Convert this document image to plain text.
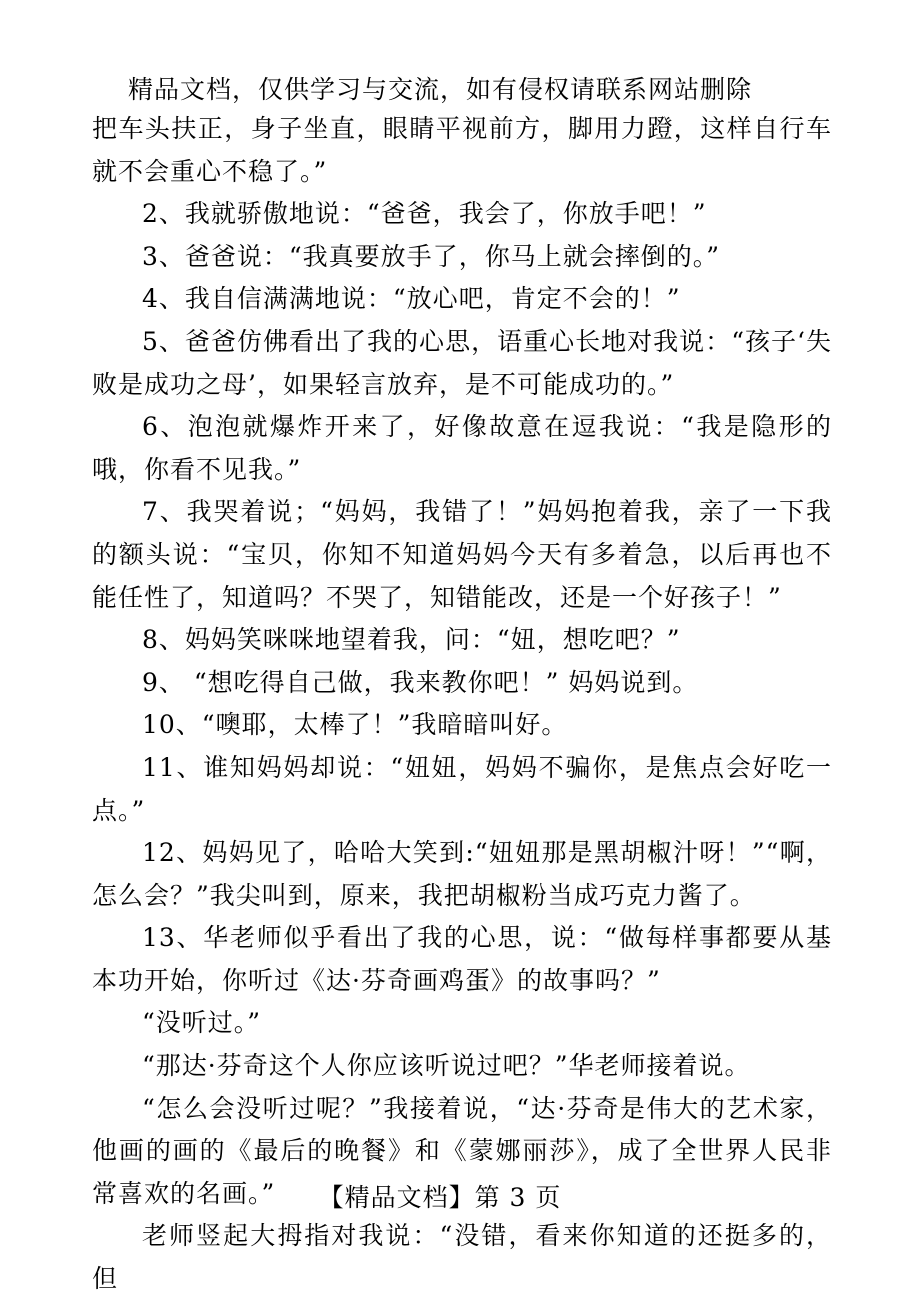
精品文档，仅供学习与交流，如有侵权请联系网站删除

把车头扶正，身子坐直，眼睛平视前方，脚用力蹬，这样自行车就不会重心不稳了。”

2、我就骄傲地说：“爸爸，我会了，你放手吧！”

3、爸爸说：“我真要放手了，你马上就会摔倒的。”

4、我自信满满地说：“放心吧，肯定不会的！”

5、爸爸仿佛看出了我的心思，语重心长地对我说：“孩子‘失败是成功之母’，如果轻言放弃，是不可能成功的。”

6、泡泡就爆炸开来了，好像故意在逗我说：“我是隐形的哦，你看不见我。”

7、我哭着说；“妈妈，我错了！”妈妈抱着我，亲了一下我的额头说：“宝贝，你知不知道妈妈今天有多着急，以后再也不能任性了，知道吗？不哭了，知错能改，还是一个好孩子！”

8、妈妈笑咪咪地望着我，问：“妞，想吃吧？”

9、 “想吃得自己做，我来教你吧！” 妈妈说到。

10、“噢耶，太棒了！”我暗暗叫好。

11、谁知妈妈却说：“妞妞，妈妈不骗你，是焦点会好吃一点。”

12、妈妈见了，哈哈大笑到:“妞妞那是黑胡椒汁呀！”“啊，怎么会？”我尖叫到，原来，我把胡椒粉当成巧克力酱了。

13、华老师似乎看出了我的心思，说：“做每样事都要从基本功开始，你听过《达·芬奇画鸡蛋》的故事吗？”

“没听过。”

“那达·芬奇这个人你应该听说过吧？”华老师接着说。

“怎么会没听过呢？”我接着说，“达·芬奇是伟大的艺术家，他画的画的《最后的晚餐》和《蒙娜丽莎》，成了全世界人民非常喜欢的名画。”

老师竖起大拇指对我说：“没错，看来你知道的还挺多的， 但

【精品文档】第 3 页
